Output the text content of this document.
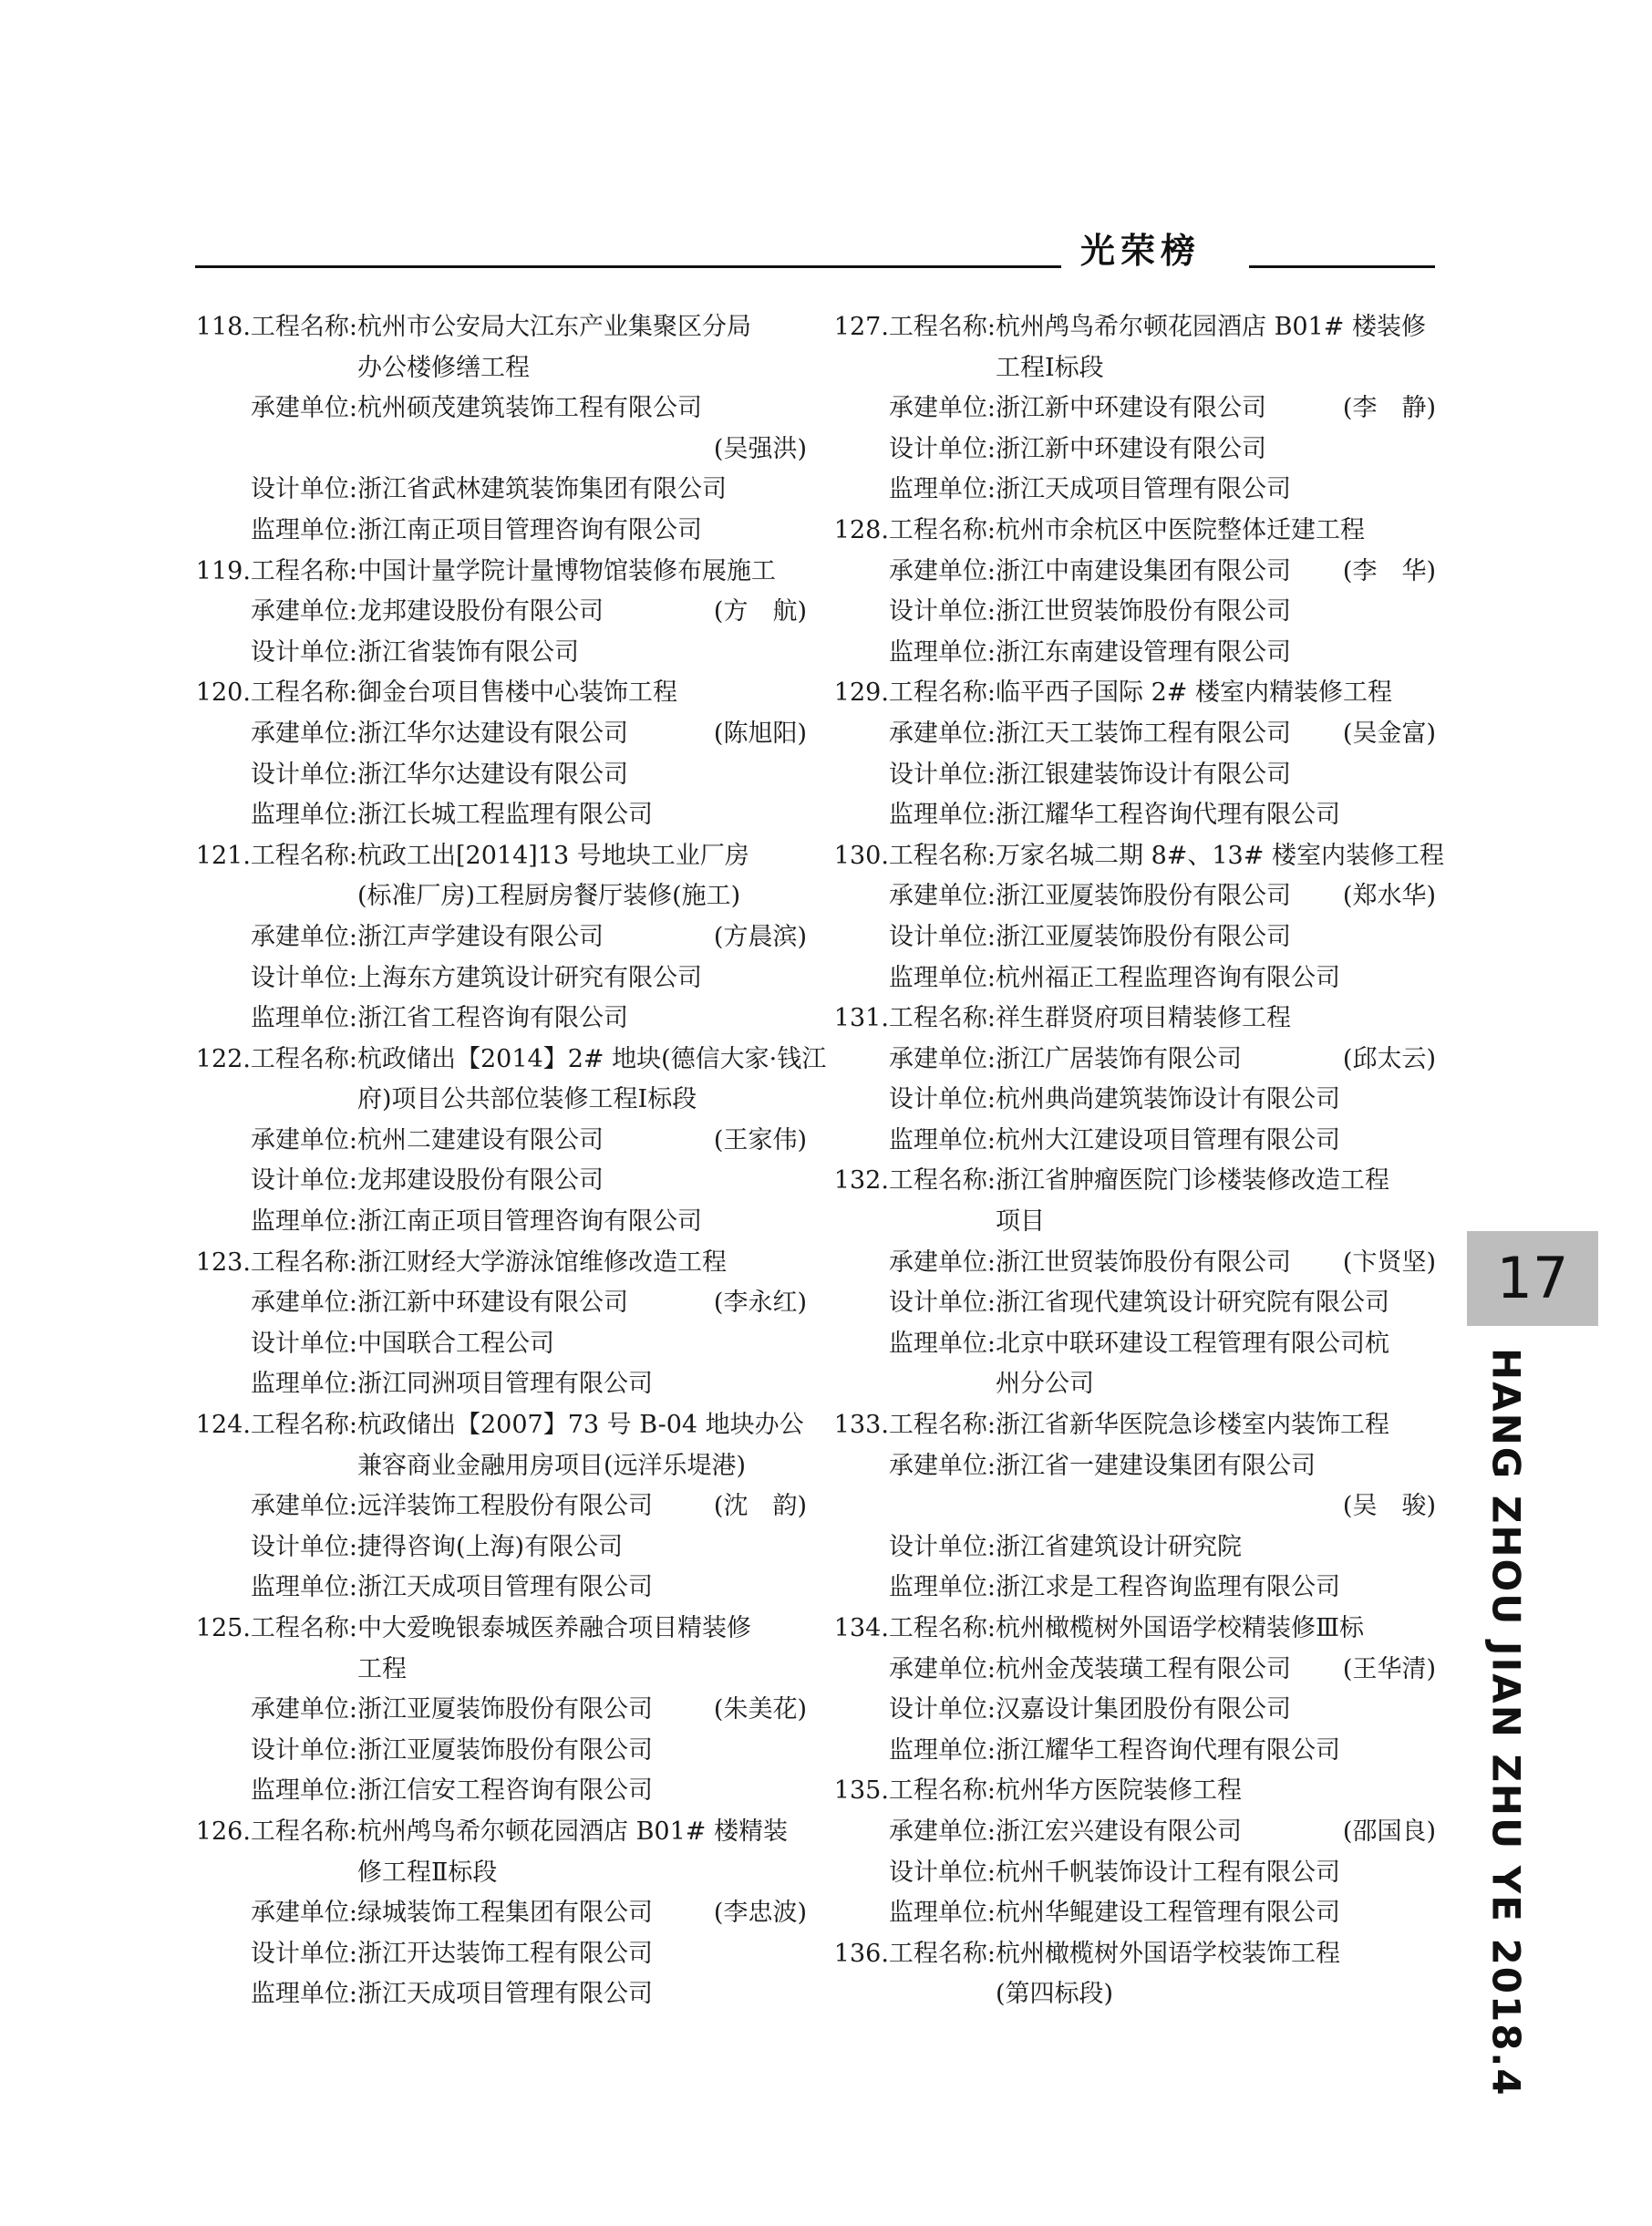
光荣榜
118.工程名称:杭州市公安局大江东产业集聚区分局
办公楼修缮工程
承建单位:杭州硕茂建筑装饰工程有限公司
(吴强洪)
设计单位:浙江省武林建筑装饰集团有限公司
监理单位:浙江南正项目管理咨询有限公司
119.工程名称:中国计量学院计量博物馆装修布展施工
承建单位:龙邦建设股份有限公司	(方　航)
设计单位:浙江省装饰有限公司
120.工程名称:御金台项目售楼中心装饰工程
承建单位:浙江华尔达建设有限公司	(陈旭阳)
设计单位:浙江华尔达建设有限公司
监理单位:浙江长城工程监理有限公司
121.工程名称:杭政工出[2014]13 号地块工业厂房
(标准厂房)工程厨房餐厅装修(施工)
承建单位:浙江声学建设有限公司	(方晨滨)
设计单位:上海东方建筑设计研究有限公司
监理单位:浙江省工程咨询有限公司
122.工程名称:杭政储出【2014】2# 地块(德信大家·钱江
府)项目公共部位装修工程Ⅰ标段
承建单位:杭州二建建设有限公司	(王家伟)
设计单位:龙邦建设股份有限公司
监理单位:浙江南正项目管理咨询有限公司
123.工程名称:浙江财经大学游泳馆维修改造工程
承建单位:浙江新中环建设有限公司	(李永红)
设计单位:中国联合工程公司
监理单位:浙江同洲项目管理有限公司
124.工程名称:杭政储出【2007】73 号 B-04 地块办公
兼容商业金融用房项目(远洋乐堤港)
承建单位:远洋装饰工程股份有限公司 (沈　韵)
设计单位:捷得咨询(上海)有限公司
监理单位:浙江天成项目管理有限公司
125.工程名称:中大爱晚银泰城医养融合项目精装修
工程
承建单位:浙江亚厦装饰股份有限公司 (朱美花)
设计单位:浙江亚厦装饰股份有限公司
监理单位:浙江信安工程咨询有限公司
126.工程名称:杭州鸬鸟希尔顿花园酒店 B01# 楼精装
修工程Ⅱ标段
承建单位:绿城装饰工程集团有限公司 (李忠波)
设计单位:浙江开达装饰工程有限公司
监理单位:浙江天成项目管理有限公司
127.工程名称:杭州鸬鸟希尔顿花园酒店 B01# 楼装修
工程Ⅰ标段
承建单位:浙江新中环建设有限公司	(李　静)
设计单位:浙江新中环建设有限公司
监理单位:浙江天成项目管理有限公司
128.工程名称:杭州市余杭区中医院整体迁建工程
承建单位:浙江中南建设集团有限公司 (李　华)
设计单位:浙江世贸装饰股份有限公司
监理单位:浙江东南建设管理有限公司
129.工程名称:临平西子国际 2# 楼室内精装修工程
承建单位:浙江天工装饰工程有限公司 (吴金富)
设计单位:浙江银建装饰设计有限公司
监理单位:浙江耀华工程咨询代理有限公司
130.工程名称:万家名城二期 8#、13# 楼室内装修工程
承建单位:浙江亚厦装饰股份有限公司 (郑水华)
设计单位:浙江亚厦装饰股份有限公司
监理单位:杭州福正工程监理咨询有限公司
131.工程名称:祥生群贤府项目精装修工程
承建单位:浙江广居装饰有限公司	(邱太云)
设计单位:杭州典尚建筑装饰设计有限公司
监理单位:杭州大江建设项目管理有限公司
132.工程名称:浙江省肿瘤医院门诊楼装修改造工程
项目
承建单位:浙江世贸装饰股份有限公司 (卞贤坚)
设计单位:浙江省现代建筑设计研究院有限公司
监理单位:北京中联环建设工程管理有限公司杭
州分公司
133.工程名称:浙江省新华医院急诊楼室内装饰工程
承建单位:浙江省一建建设集团有限公司
(吴　骏)
设计单位:浙江省建筑设计研究院
监理单位:浙江求是工程咨询监理有限公司
134.工程名称:杭州橄榄树外国语学校精装修Ⅲ标
承建单位:杭州金茂装璜工程有限公司 (王华清)
设计单位:汉嘉设计集团股份有限公司
监理单位:浙江耀华工程咨询代理有限公司
135.工程名称:杭州华方医院装修工程
承建单位:浙江宏兴建设有限公司	(邵国良)
设计单位:杭州千帆装饰设计工程有限公司
监理单位:杭州华鲲建设工程管理有限公司
136.工程名称:杭州橄榄树外国语学校装饰工程
(第四标段)
17
HANG ZHOU JIAN ZHU YE 2018.4
